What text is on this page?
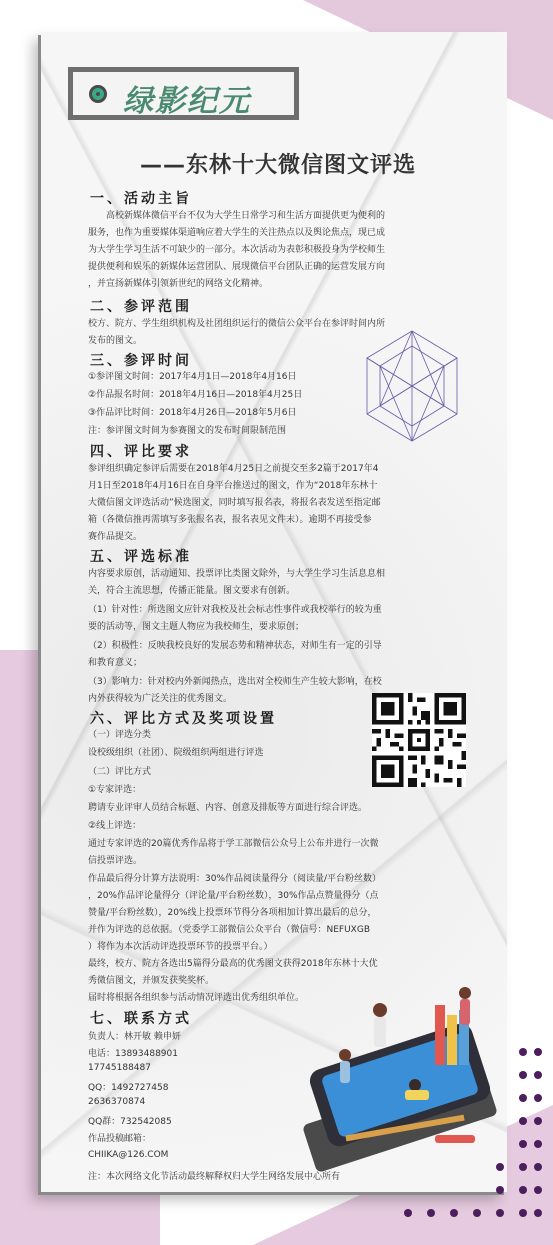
绿影纪元
——东林十大微信图文评选
一、活动主旨
　　高校新媒体微信平台不仅为大学生日常学习和生活方面提供更为便利的
服务，也作为重要媒体渠道响应着大学生的关注热点以及舆论焦点，现已成
为大学生学习生活不可缺少的一部分。本次活动为表彰积极投身为学校师生
提供便利和娱乐的新媒体运营团队、展现微信平台团队正确的运营发展方向
，并宣扬新媒体引领新世纪的网络文化精神。
二、参评范围
校方、院方、学生组织机构及社团组织运行的微信公众平台在参评时间内所
发布的图文。
三、参评时间
①参评图文时间：2017年4月1日—2018年4月16日
②作品报名时间：2018年4月16日—2018年4月25日
③作品评比时间：2018年4月26日—2018年5月6日
注：参评图文时间为参赛图文的发布时间限制范围
四、评比要求
参评组织确定参评后需要在2018年4月25日之前提交至多2篇于2017年4
月1日至2018年4月16日在自身平台推送过的图文，作为“2018年东林十
大微信图文评选活动”候选图文，同时填写报名表，将报名表发送至指定邮
箱（各微信推再需填写多张报名表，报名表见文件末）。逾期不再接受参
赛作品提交。
五、评选标准
内容要求原创，活动通知、投票评比类图文除外，与大学生学习生活息息相
关，符合主流思想，传播正能量。图文要求有创新。
（1）针对性：所选图文应针对我校及社会标志性事件或我校举行的较为重
要的活动等，图文主题人物应为我校师生，要求原创；
（2）积极性：反映我校良好的发展态势和精神状态，对师生有一定的引导
和教育意义；
（3）影响力：针对校内外新闻热点，选出对全校师生产生较大影响，在校
内外获得较为广泛关注的优秀图文。
六、评比方式及奖项设置
（一）评选分类
设校级组织（社团）、院级组织两组进行评选
（二）评比方式
①专家评选：
聘请专业评审人员结合标题、内容、创意及排版等方面进行综合评选。
②线上评选：
通过专家评选的20篇优秀作品将于学工部微信公众号上公布并进行一次微
信投票评选。
作品最后得分计算方法说明：30%作品阅读量得分（阅读量/平台粉丝数）
，20%作品评论量得分（评论量/平台粉丝数），30%作品点赞量得分（点
赞量/平台粉丝数），20%线上投票环节得分各项相加计算出最后的总分，
并作为评选的总依据。（党委学工部微信公众平台（微信号：NEFUXGB
）将作为本次活动评选投票环节的投票平台。）
最终，校方、院方各选出5篇得分最高的优秀图文获得2018年东林十大优
秀微信图文，并颁发获奖奖杯。
届时将根据各组织参与活动情况评选出优秀组织单位。
七、联系方式
负责人：林开敏 赖申妍
电话：13893488901
17745188487
QQ：1492727458
2636370874
QQ群：732542085
作品投稿邮箱：
CHIIKA@126.COM
注：本次网络文化节活动最终解释权归大学生网络发展中心所有
